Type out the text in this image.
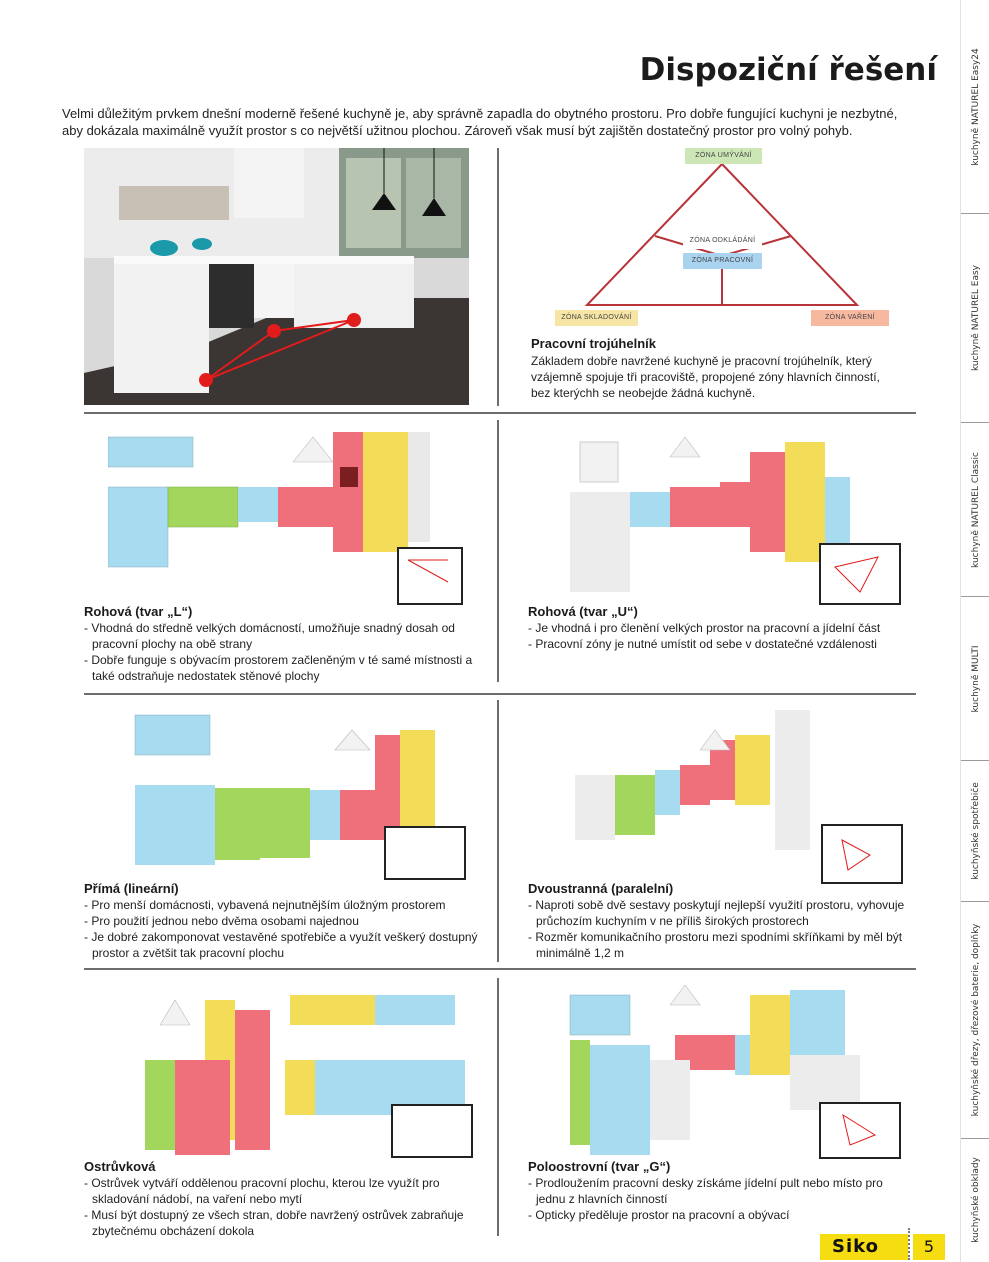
Dispoziční řešení

Velmi důležitým prvkem dnešní moderně řešené kuchyně je, aby správně zapadla do obytného prostoru. Pro dobře fungující kuchyni je nezbytné,

aby dokázala maximálně využít prostor s co největší užitnou plochou. Zároveň však musí být zajištěn dostatečný prostor pro volný pohyb.

ZÓNA UMÝVÁNÍ
ZÓNA ODKLÁDÁNÍ
ZÓNA PRACOVNÍ
ZÓNA SKLADOVÁNÍ	ZÓNA VAŘENÍ
Pracovní trojúhelník
Základem dobře navržené kuchyně je pracovní trojúhelník, který
vzájemně spojuje tři pracoviště, propojené zóny hlavních činností,
bez kterýchh se neobejde žádná kuchyně.
Rohová (tvar „L“)
- Vhodná do středně velkých domácností, umožňuje snadný dosah od pracovní plochy na obě strany
- Dobře funguje s obývacím prostorem začleněným v té samé místnosti a také odstraňuje nedostatek stěnové plochy
Rohová (tvar „U“)
- Je vhodná i pro členění velkých prostor na pracovní a jídelní část
- Pracovní zóny je nutné umístit od sebe v dostatečné vzdálenosti
Přímá (lineární)
- Pro menší domácnosti, vybavená nejnutnějším úložným prostorem
- Pro použití jednou nebo dvěma osobami najednou
- Je dobré zakomponovat vestavěné spotřebiče a využít veškerý dostupný prostor a zvětšit tak pracovní plochu
Dvoustranná (paralelní)
- Naproti sobě dvě sestavy poskytují nejlepší využití prostoru, vyhovuje průchozím kuchyním v ne příliš širokých prostorech
- Rozměr komunikačního prostoru mezi spodními skříňkami by měl být minimálně 1,2 m
Ostrůvková
- Ostrůvek vytváří oddělenou pracovní plochu, kterou lze využít pro skladování nádobí, na vaření nebo mytí
- Musí být dostupný ze všech stran, dobře navržený ostrůvek zabraňuje zbytečnému obcházení dokola
Poloostrovní (tvar „G“)
- Prodloužením pracovní desky získáme jídelní pult nebo místo pro jednu z hlavních činností
- Opticky předěluje prostor na pracovní a obývací
Siko	5
kuchyně NATUREL Easy24
kuchyně NATUREL Easy
kuchyně NATUREL Classic
kuchyně MULTI
kuchyňské spotřebiče
kuchyňské dřezy, dřezové baterie, doplňky
kuchyňské obklady
